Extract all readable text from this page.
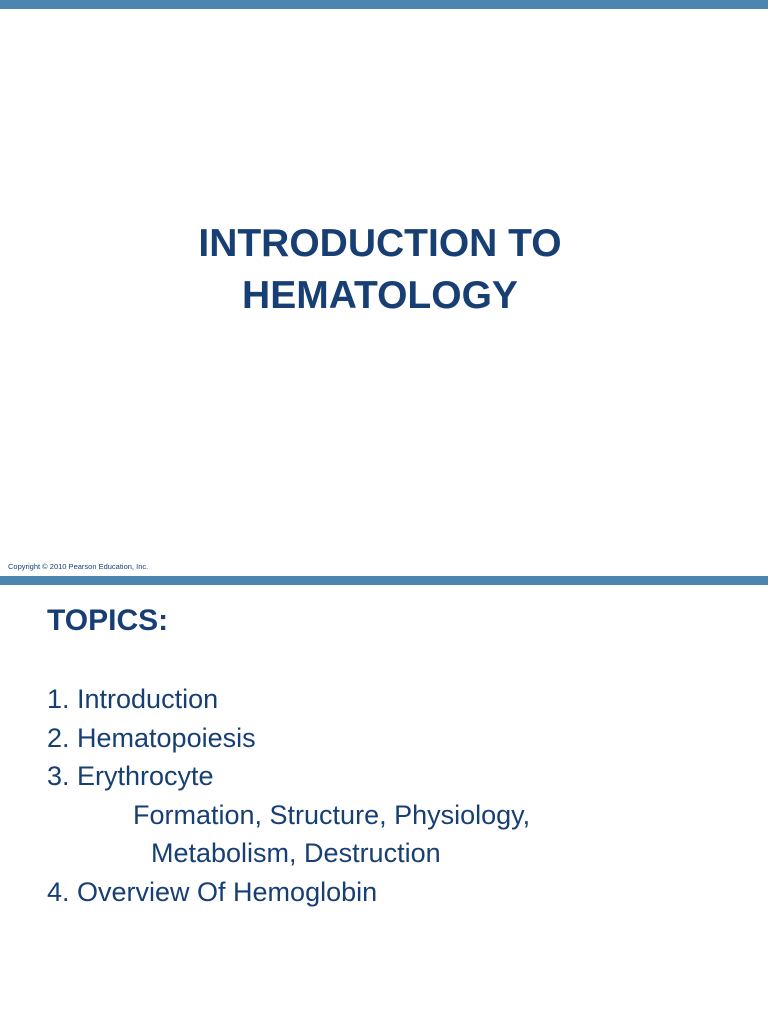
INTRODUCTION TO
HEMATOLOGY
Copyright © 2010 Pearson Education, Inc.
TOPICS:
1. Introduction
2. Hematopoiesis
3. Erythrocyte
Formation, Structure, Physiology,
Metabolism, Destruction
4. Overview Of Hemoglobin
